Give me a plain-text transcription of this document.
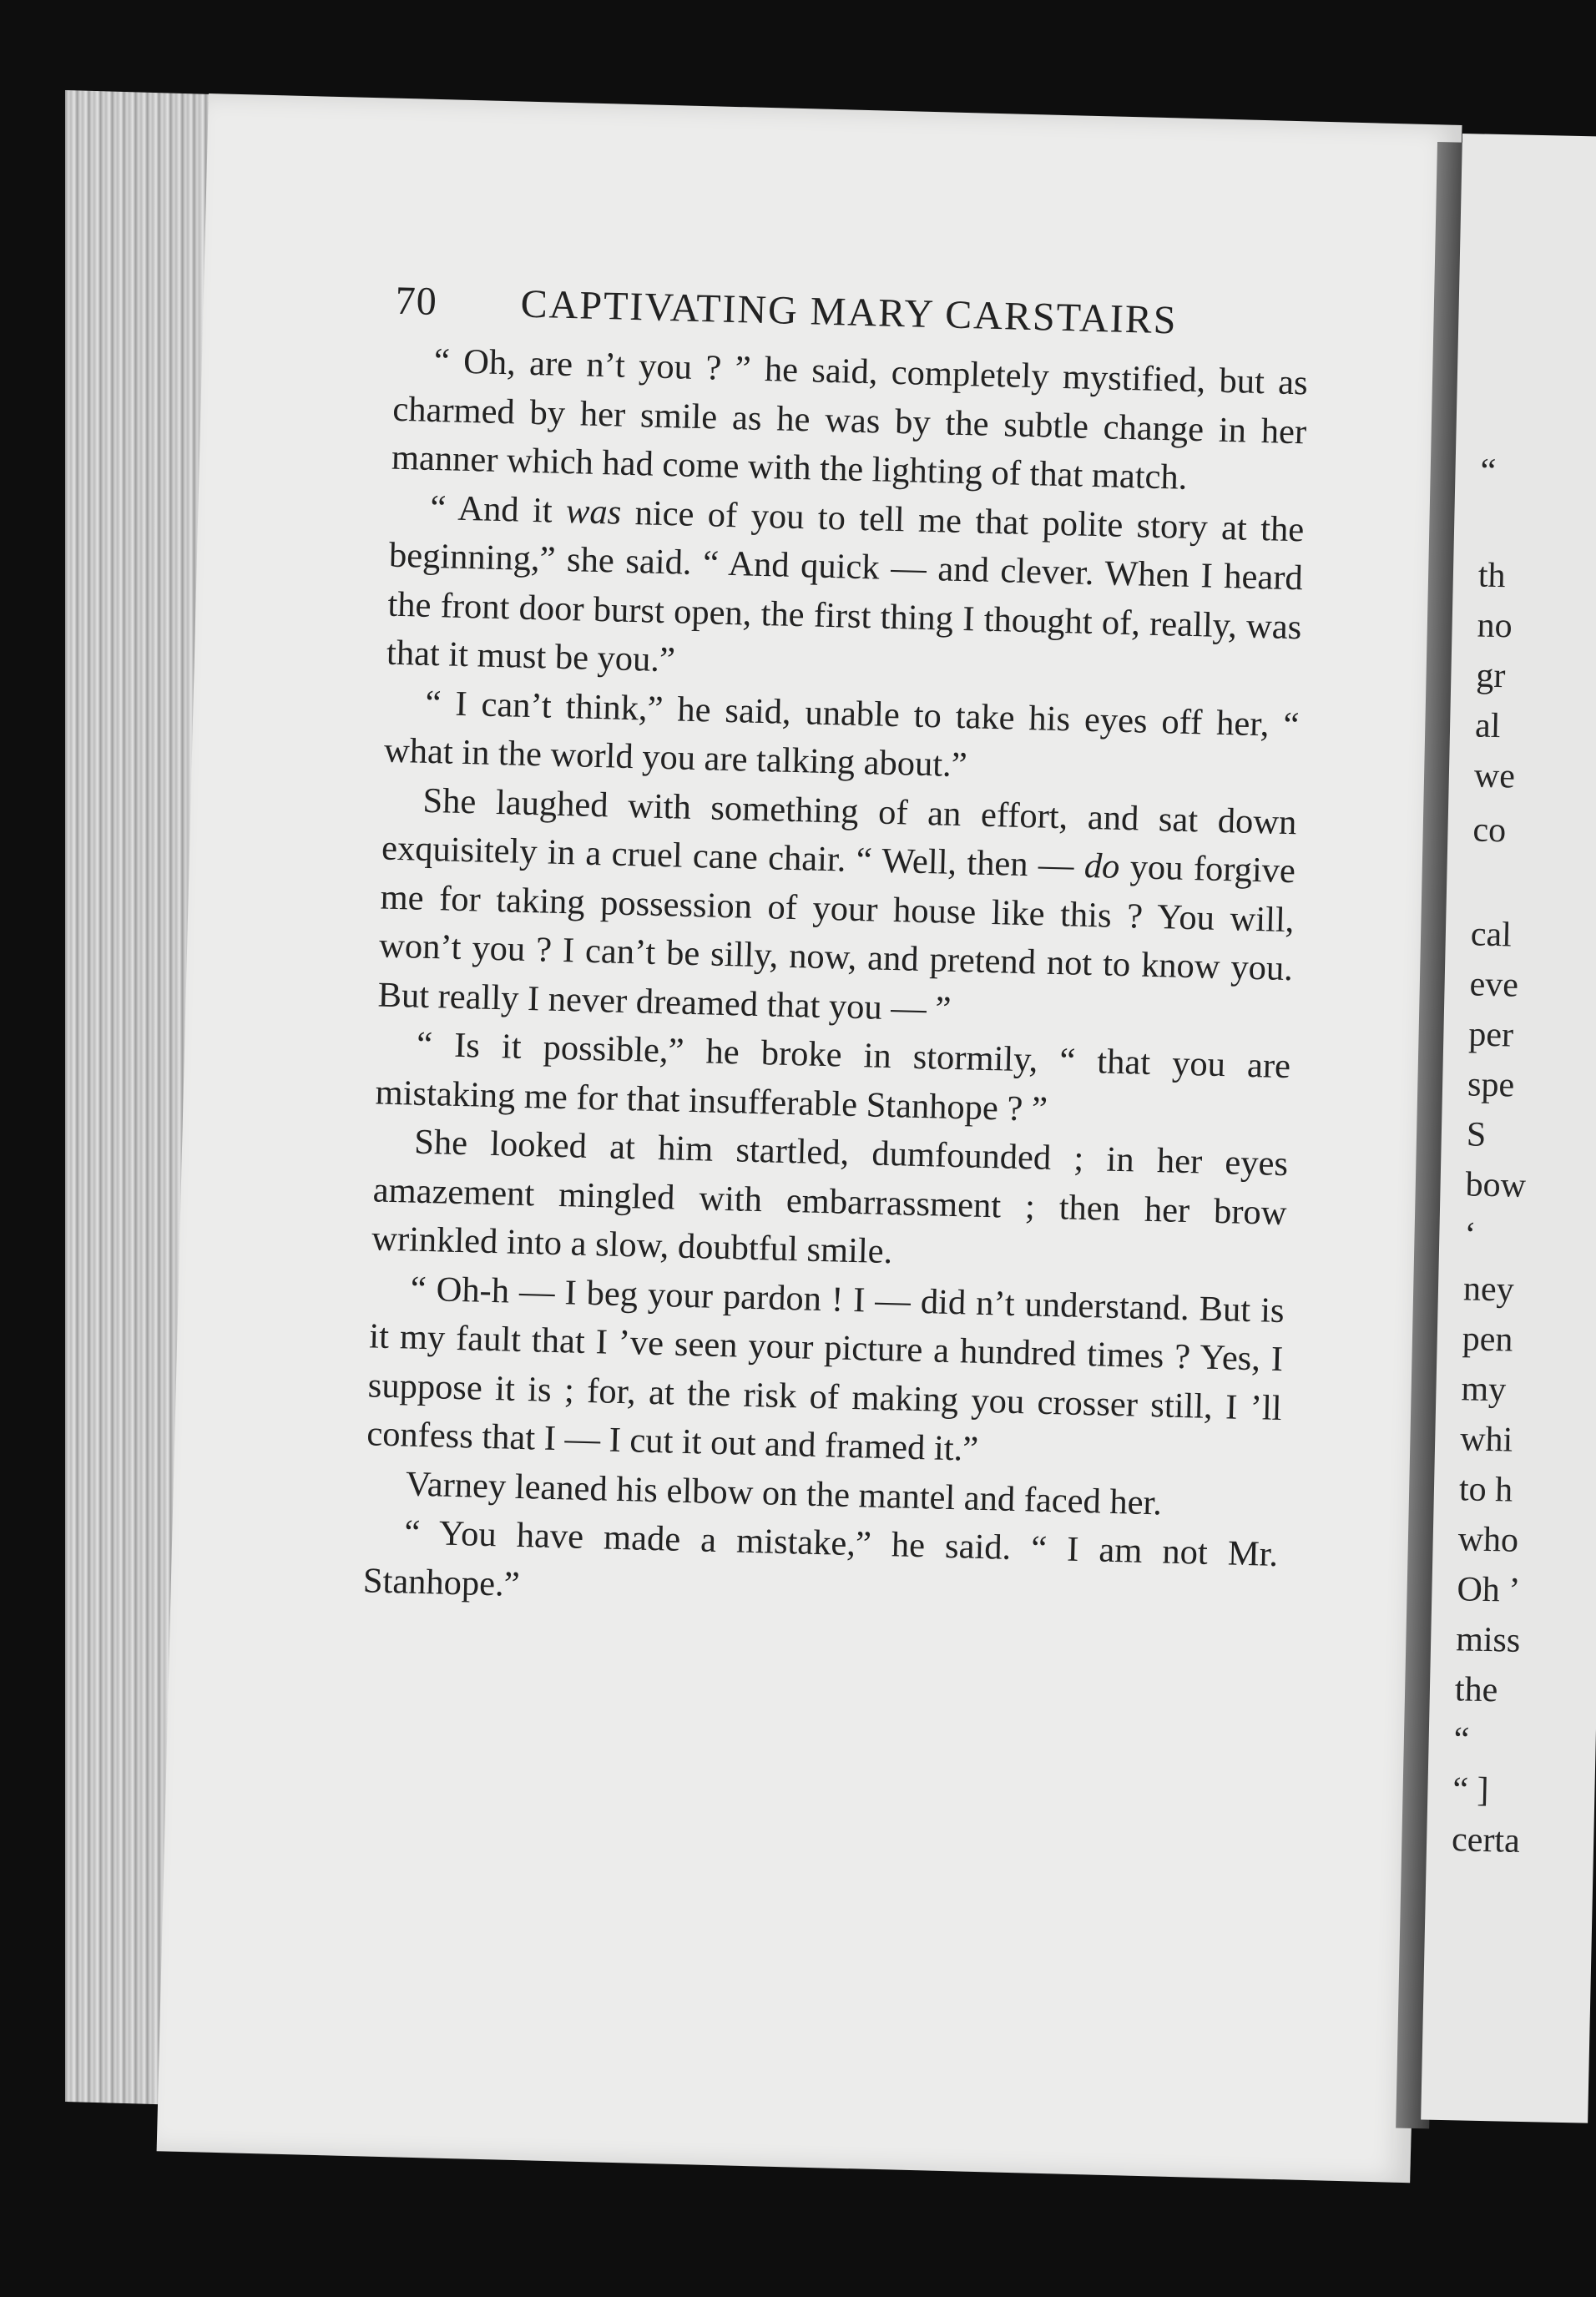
70 CAPTIVATING MARY CARSTAIRS

“ Oh, are n’t you ? ” he said, completely mystified, but as charmed by her smile as he was by the subtle change in her manner which had come with the lighting of that match.

“ And it was nice of you to tell me that polite story at the beginning,” she said. “ And quick — and clever. When I heard the front door burst open, the first thing I thought of, really, was that it must be you.”

“ I can’t think,” he said, unable to take his eyes off her, “ what in the world you are talking about.”

She laughed with something of an effort, and sat down exquisitely in a cruel cane chair. “ Well, then — do you forgive me for taking possession of your house like this ? You will, won’t you ? I can’t be silly, now, and pretend not to know you. But really I never dreamed that you — ”

“ Is it possible,” he broke in stormily, “ that you are mistaking me for that insufferable Stanhope ? ”

She looked at him startled, dumfounded ; in her eyes amazement mingled with embarrassment ; then her brow wrinkled into a slow, doubtful smile.

“ Oh-h — I beg your pardon ! I — did n’t understand. But is it my fault that I ’ve seen your picture a hundred times ? Yes, I suppose it is ; for, at the risk of making you crosser still, I ’ll confess that I — I cut it out and framed it.”

Varney leaned his elbow on the mantel and faced her.

“ You have made a mistake,” he said. “ I am not Mr. Stanhope.”

“
th
no
gr
al
we
co
cal
eve
per
spe
S
bow
‘
ney
pen
my
whi
to h
who
Oh ’
miss
the
“
“ ]
certa
